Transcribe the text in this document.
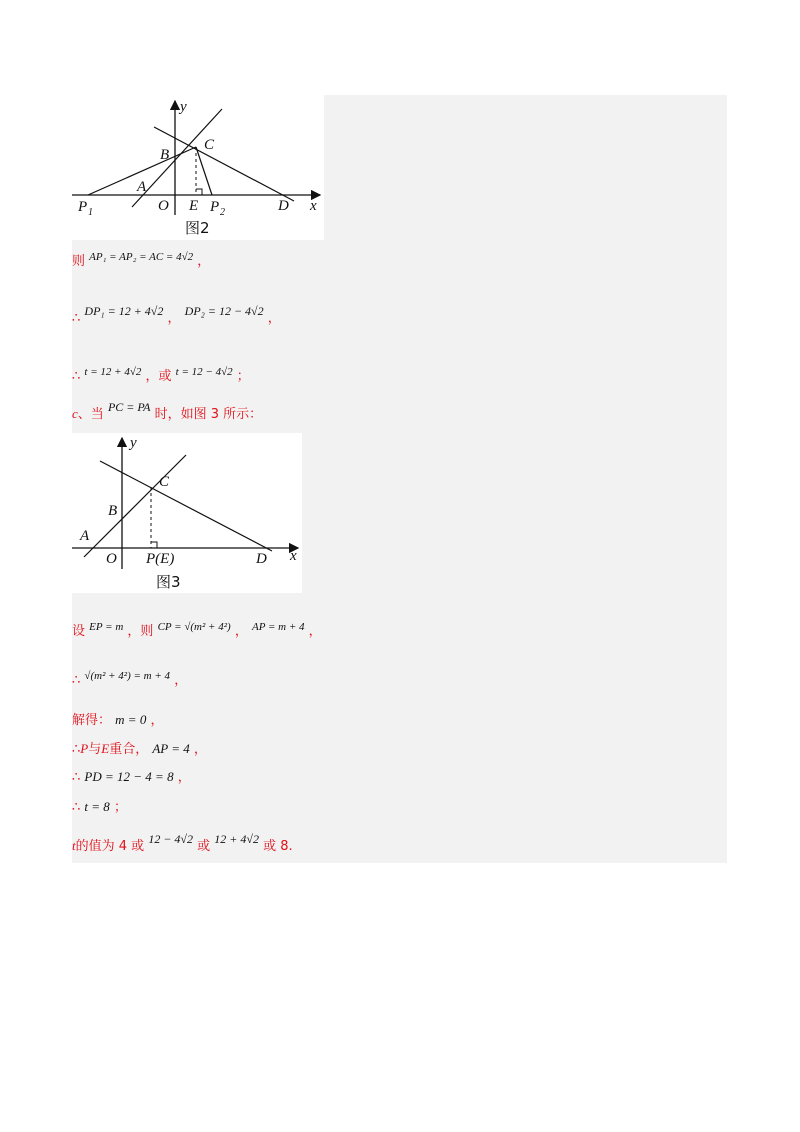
y
x
B
C
A
O E
P 1	P 2	D
图2
则 $^{AP_1 = AP_2 = AC = 4√2}$ ，
∴ DP₁ = 12 + 4√2 ， DP₂ = 12 − 4√2 ，
∴ $^{t = 12 + 4√2}$ ，或 $^{t = 12 - 4√2}$ ；
c、当 PC = PA 时，如图 3 所示：
y
x
C
B
A
O P(E)	D
图3
设 $^{EP = m}$ ，则 $^{CP = √(m^2 + 4^2)}$ ， $^{AP = m + 4}$ ，
∴ $^{√(m^2 + 4^2) = m + 4}$ ，
解得： m = 0 ，
∴P与E重合， AP = 4 ，
∴ PD = 12 − 4 = 8 ，
∴ t = 8 ；
t的值为 4 或 12 − 4√2 或 12 + 4√2 或 8.
